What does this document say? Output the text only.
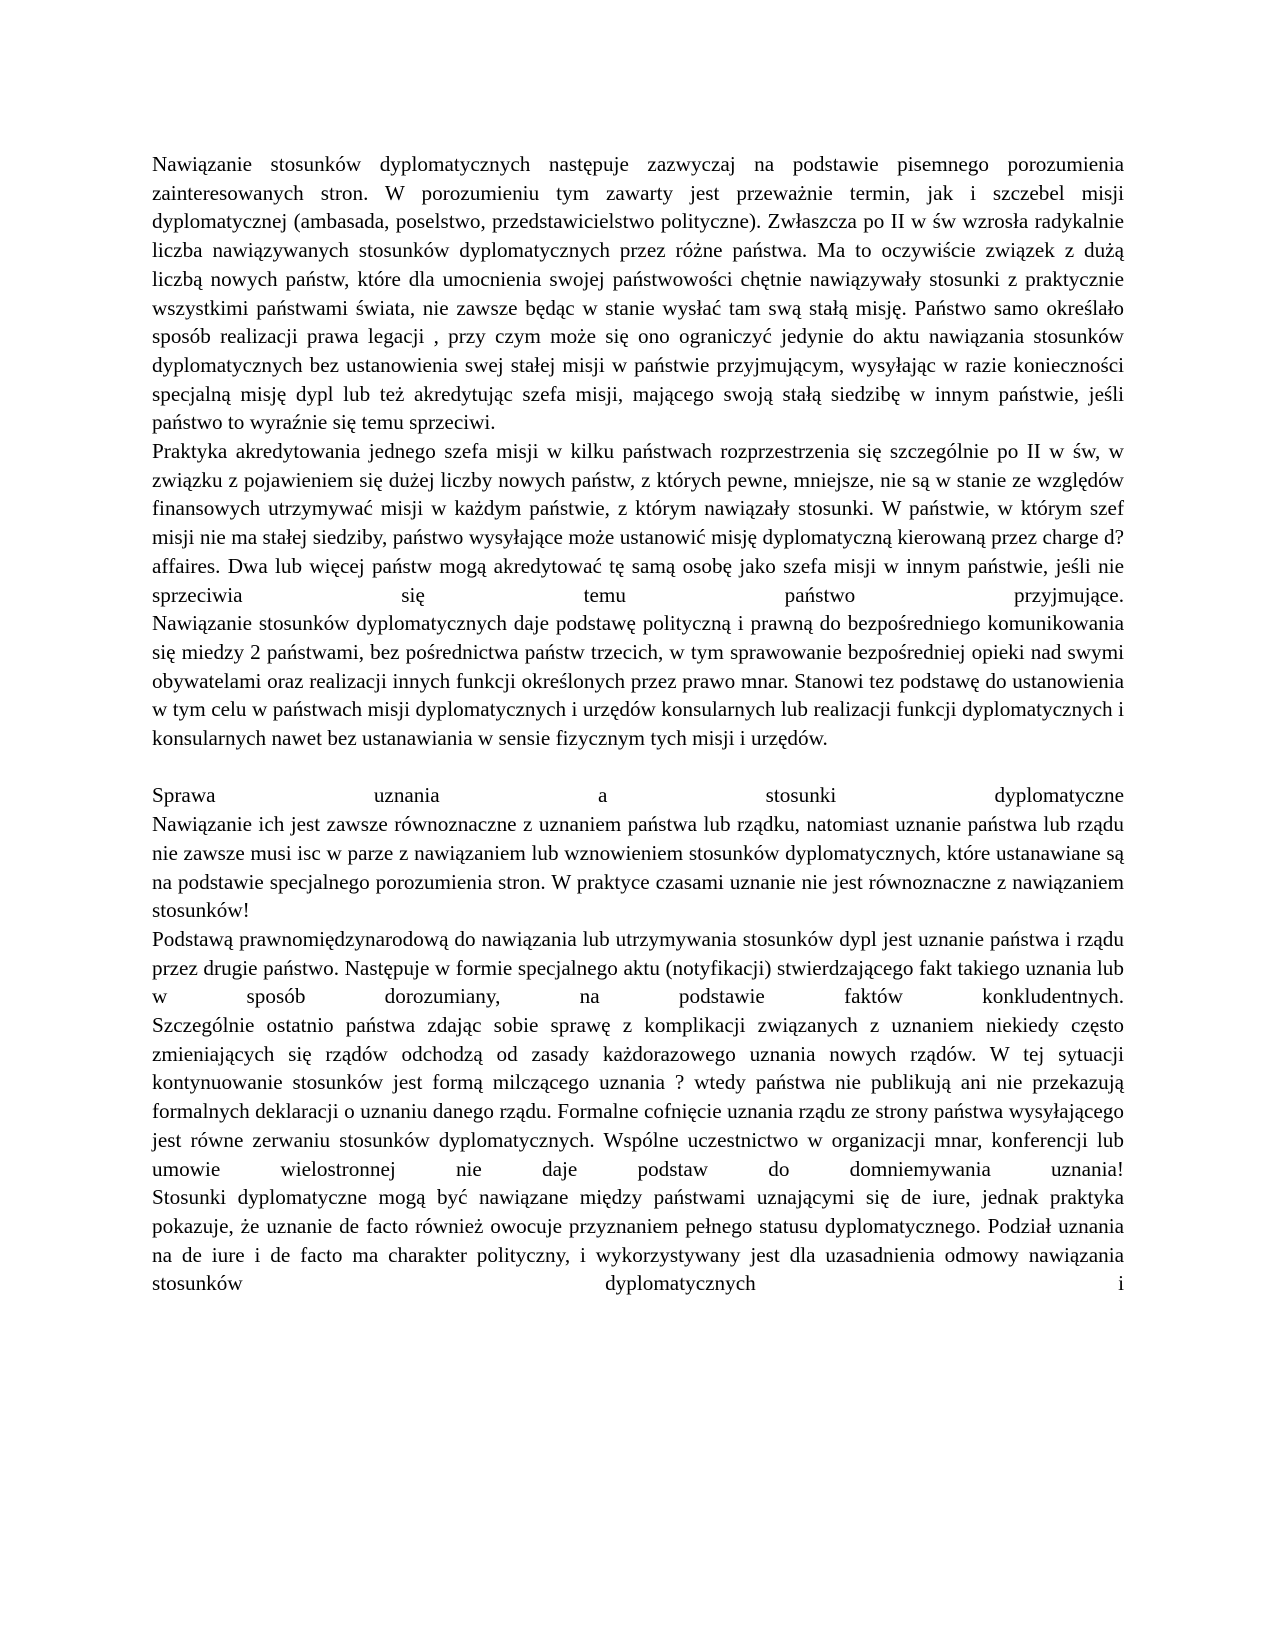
Nawiązanie stosunków dyplomatycznych następuje zazwyczaj na podstawie pisemnego porozumienia zainteresowanych stron. W porozumieniu tym zawarty jest przeważnie termin, jak i szczebel misji dyplomatycznej (ambasada, poselstwo, przedstawicielstwo polityczne). Zwłaszcza po II w św wzrosła radykalnie liczba nawiązywanych stosunków dyplomatycznych przez różne państwa. Ma to oczywiście związek z dużą liczbą nowych państw, które dla umocnienia swojej państwowości chętnie nawiązywały stosunki z praktycznie wszystkimi państwami świata, nie zawsze będąc w stanie wysłać tam swą stałą misję. Państwo samo określało sposób realizacji prawa legacji , przy czym może się ono ograniczyć jedynie do aktu nawiązania stosunków dyplomatycznych bez ustanowienia swej stałej misji w państwie przyjmującym, wysyłając w razie konieczności specjalną misję dypl lub też akredytując szefa misji, mającego swoją stałą siedzibę w innym państwie, jeśli państwo to wyraźnie się temu sprzeciwi.

Praktyka akredytowania jednego szefa misji w kilku państwach rozprzestrzenia się szczególnie po II w św, w związku z pojawieniem się dużej liczby nowych państw, z których pewne, mniejsze, nie są w stanie ze względów finansowych utrzymywać misji w każdym państwie, z którym nawiązały stosunki. W państwie, w którym szef misji nie ma stałej siedziby, państwo wysyłające może ustanowić misję dyplomatyczną kierowaną przez charge d?affaires. Dwa lub więcej państw mogą akredytować tę samą osobę jako szefa misji w innym państwie, jeśli nie sprzeciwia się temu państwo przyjmujące.

Nawiązanie stosunków dyplomatycznych daje podstawę polityczną i prawną do bezpośredniego komunikowania się miedzy 2 państwami, bez pośrednictwa państw trzecich, w tym sprawowanie bezpośredniej opieki nad swymi obywatelami oraz realizacji innych funkcji określonych przez prawo mnar. Stanowi tez podstawę do ustanowienia w tym celu w państwach misji dyplomatycznych i urzędów konsularnych lub realizacji funkcji dyplomatycznych i konsularnych nawet bez ustanawiania w sensie fizycznym tych misji i urzędów.

Sprawa uznania a stosunki dyplomatyczne

Nawiązanie ich jest zawsze równoznaczne z uznaniem państwa lub rządku, natomiast uznanie państwa lub rządu nie zawsze musi isc w parze z nawiązaniem lub wznowieniem stosunków dyplomatycznych, które ustanawiane są na podstawie specjalnego porozumienia stron. W praktyce czasami uznanie nie jest równoznaczne z nawiązaniem stosunków!

Podstawą prawnomiędzynarodową do nawiązania lub utrzymywania stosunków dypl jest uznanie państwa i rządu przez drugie państwo. Następuje w formie specjalnego aktu (notyfikacji) stwierdzającego fakt takiego uznania lub w sposób dorozumiany, na podstawie faktów konkludentnych.

Szczególnie ostatnio państwa zdając sobie sprawę z komplikacji związanych z uznaniem niekiedy często zmieniających się rządów odchodzą od zasady każdorazowego uznania nowych rządów. W tej sytuacji kontynuowanie stosunków jest formą milczącego uznania ? wtedy państwa nie publikują ani nie przekazują formalnych deklaracji o uznaniu danego rządu. Formalne cofnięcie uznania rządu ze strony państwa wysyłającego jest równe zerwaniu stosunków dyplomatycznych. Wspólne uczestnictwo w organizacji mnar, konferencji lub umowie wielostronnej nie daje podstaw do domniemywania uznania!

Stosunki dyplomatyczne mogą być nawiązane między państwami uznającymi się de iure, jednak praktyka pokazuje, że uznanie de facto również owocuje przyznaniem pełnego statusu dyplomatycznego. Podział uznania na de iure i de facto ma charakter polityczny, i wykorzystywany jest dla uzasadnienia odmowy nawiązania stosunków dyplomatycznych i
